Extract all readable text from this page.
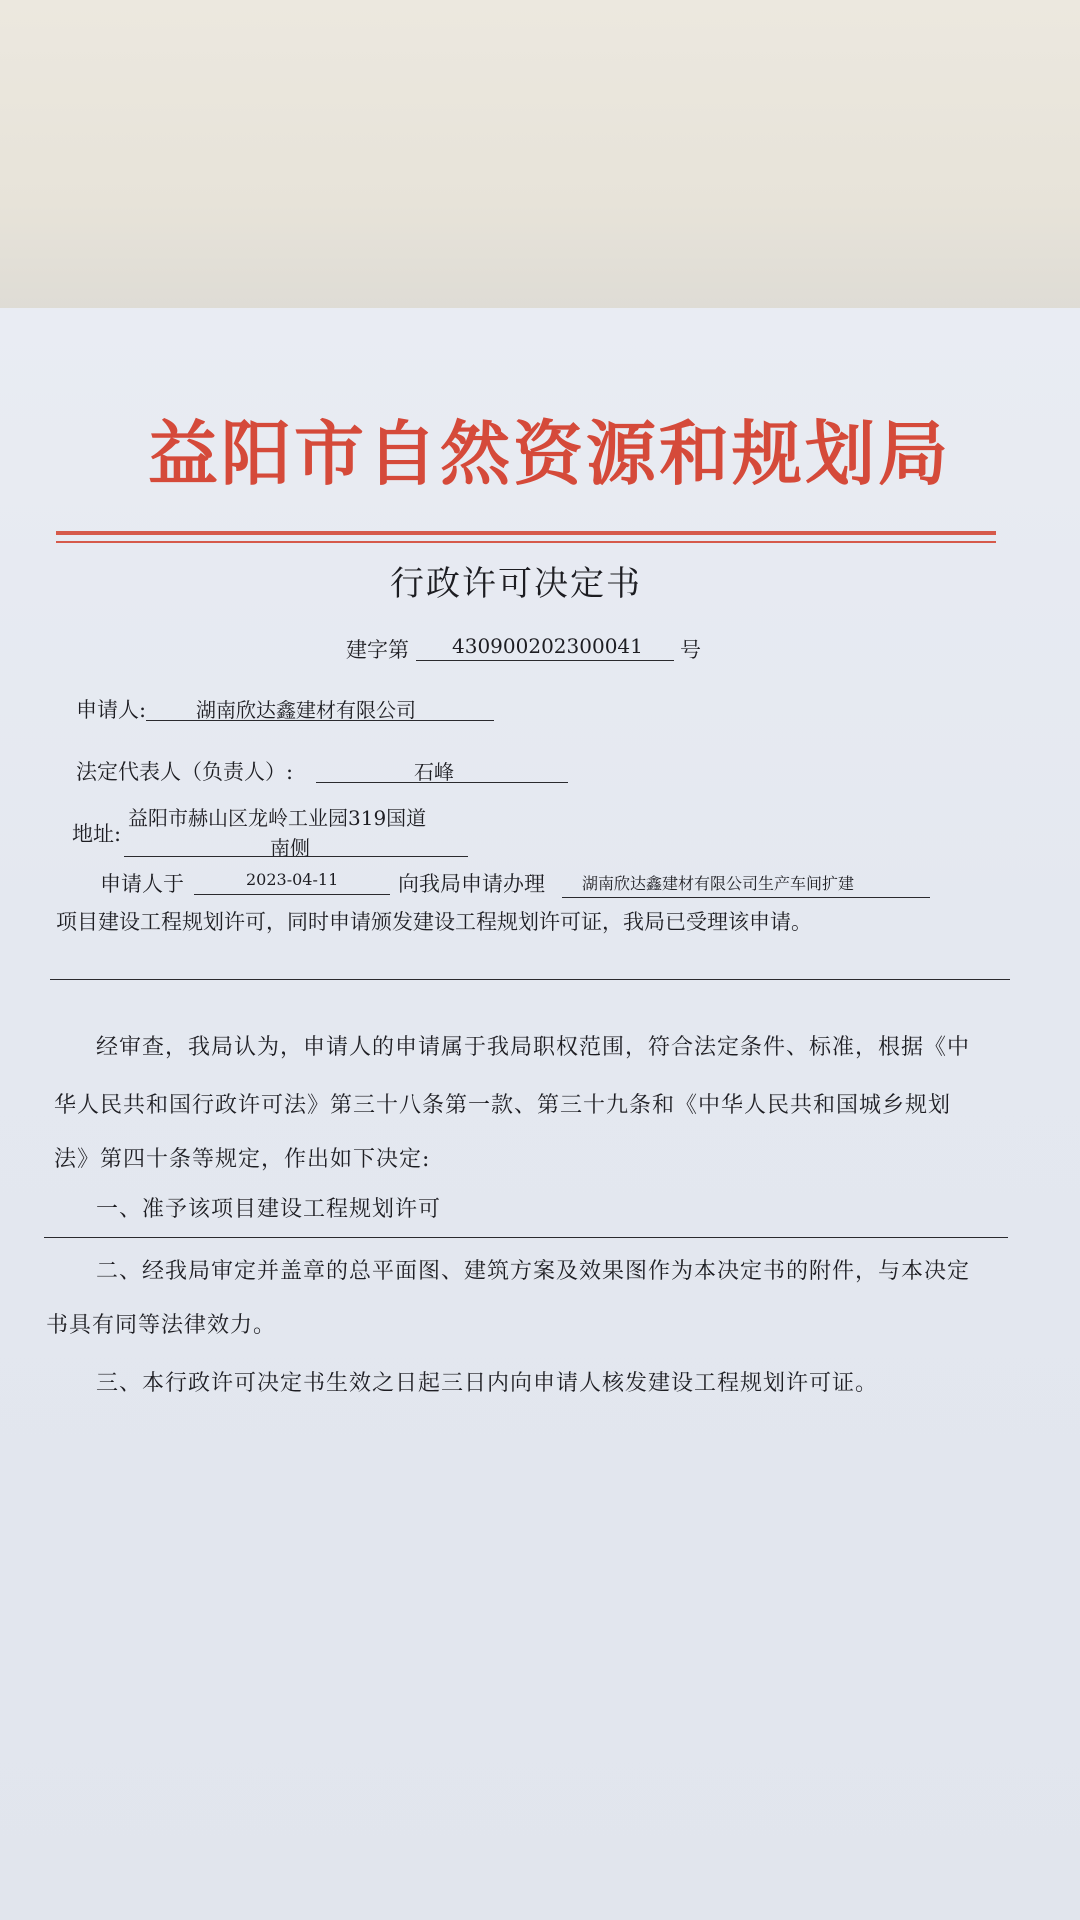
益阳市自然资源和规划局
行政许可决定书
建字第 430900202300041 号
申请人: 湖南欣达鑫建材有限公司
法定代表人（负责人）:	石峰
地址:
益阳市赫山区龙岭工业园319国道
南侧
申请人于	2023-04-11	向我局申请办理 湖南欣达鑫建材有限公司生产车间扩建
项目建设工程规划许可，同时申请颁发建设工程规划许可证，我局已受理该申请。
经审查，我局认为，申请人的申请属于我局职权范围，符合法定条件、标准，根据《中
华人民共和国行政许可法》第三十八条第一款、第三十九条和《中华人民共和国城乡规划
法》第四十条等规定，作出如下决定:
一、准予该项目建设工程规划许可
二、经我局审定并盖章的总平面图、建筑方案及效果图作为本决定书的附件，与本决定
书具有同等法律效力。
三、本行政许可决定书生效之日起三日内向申请人核发建设工程规划许可证。
